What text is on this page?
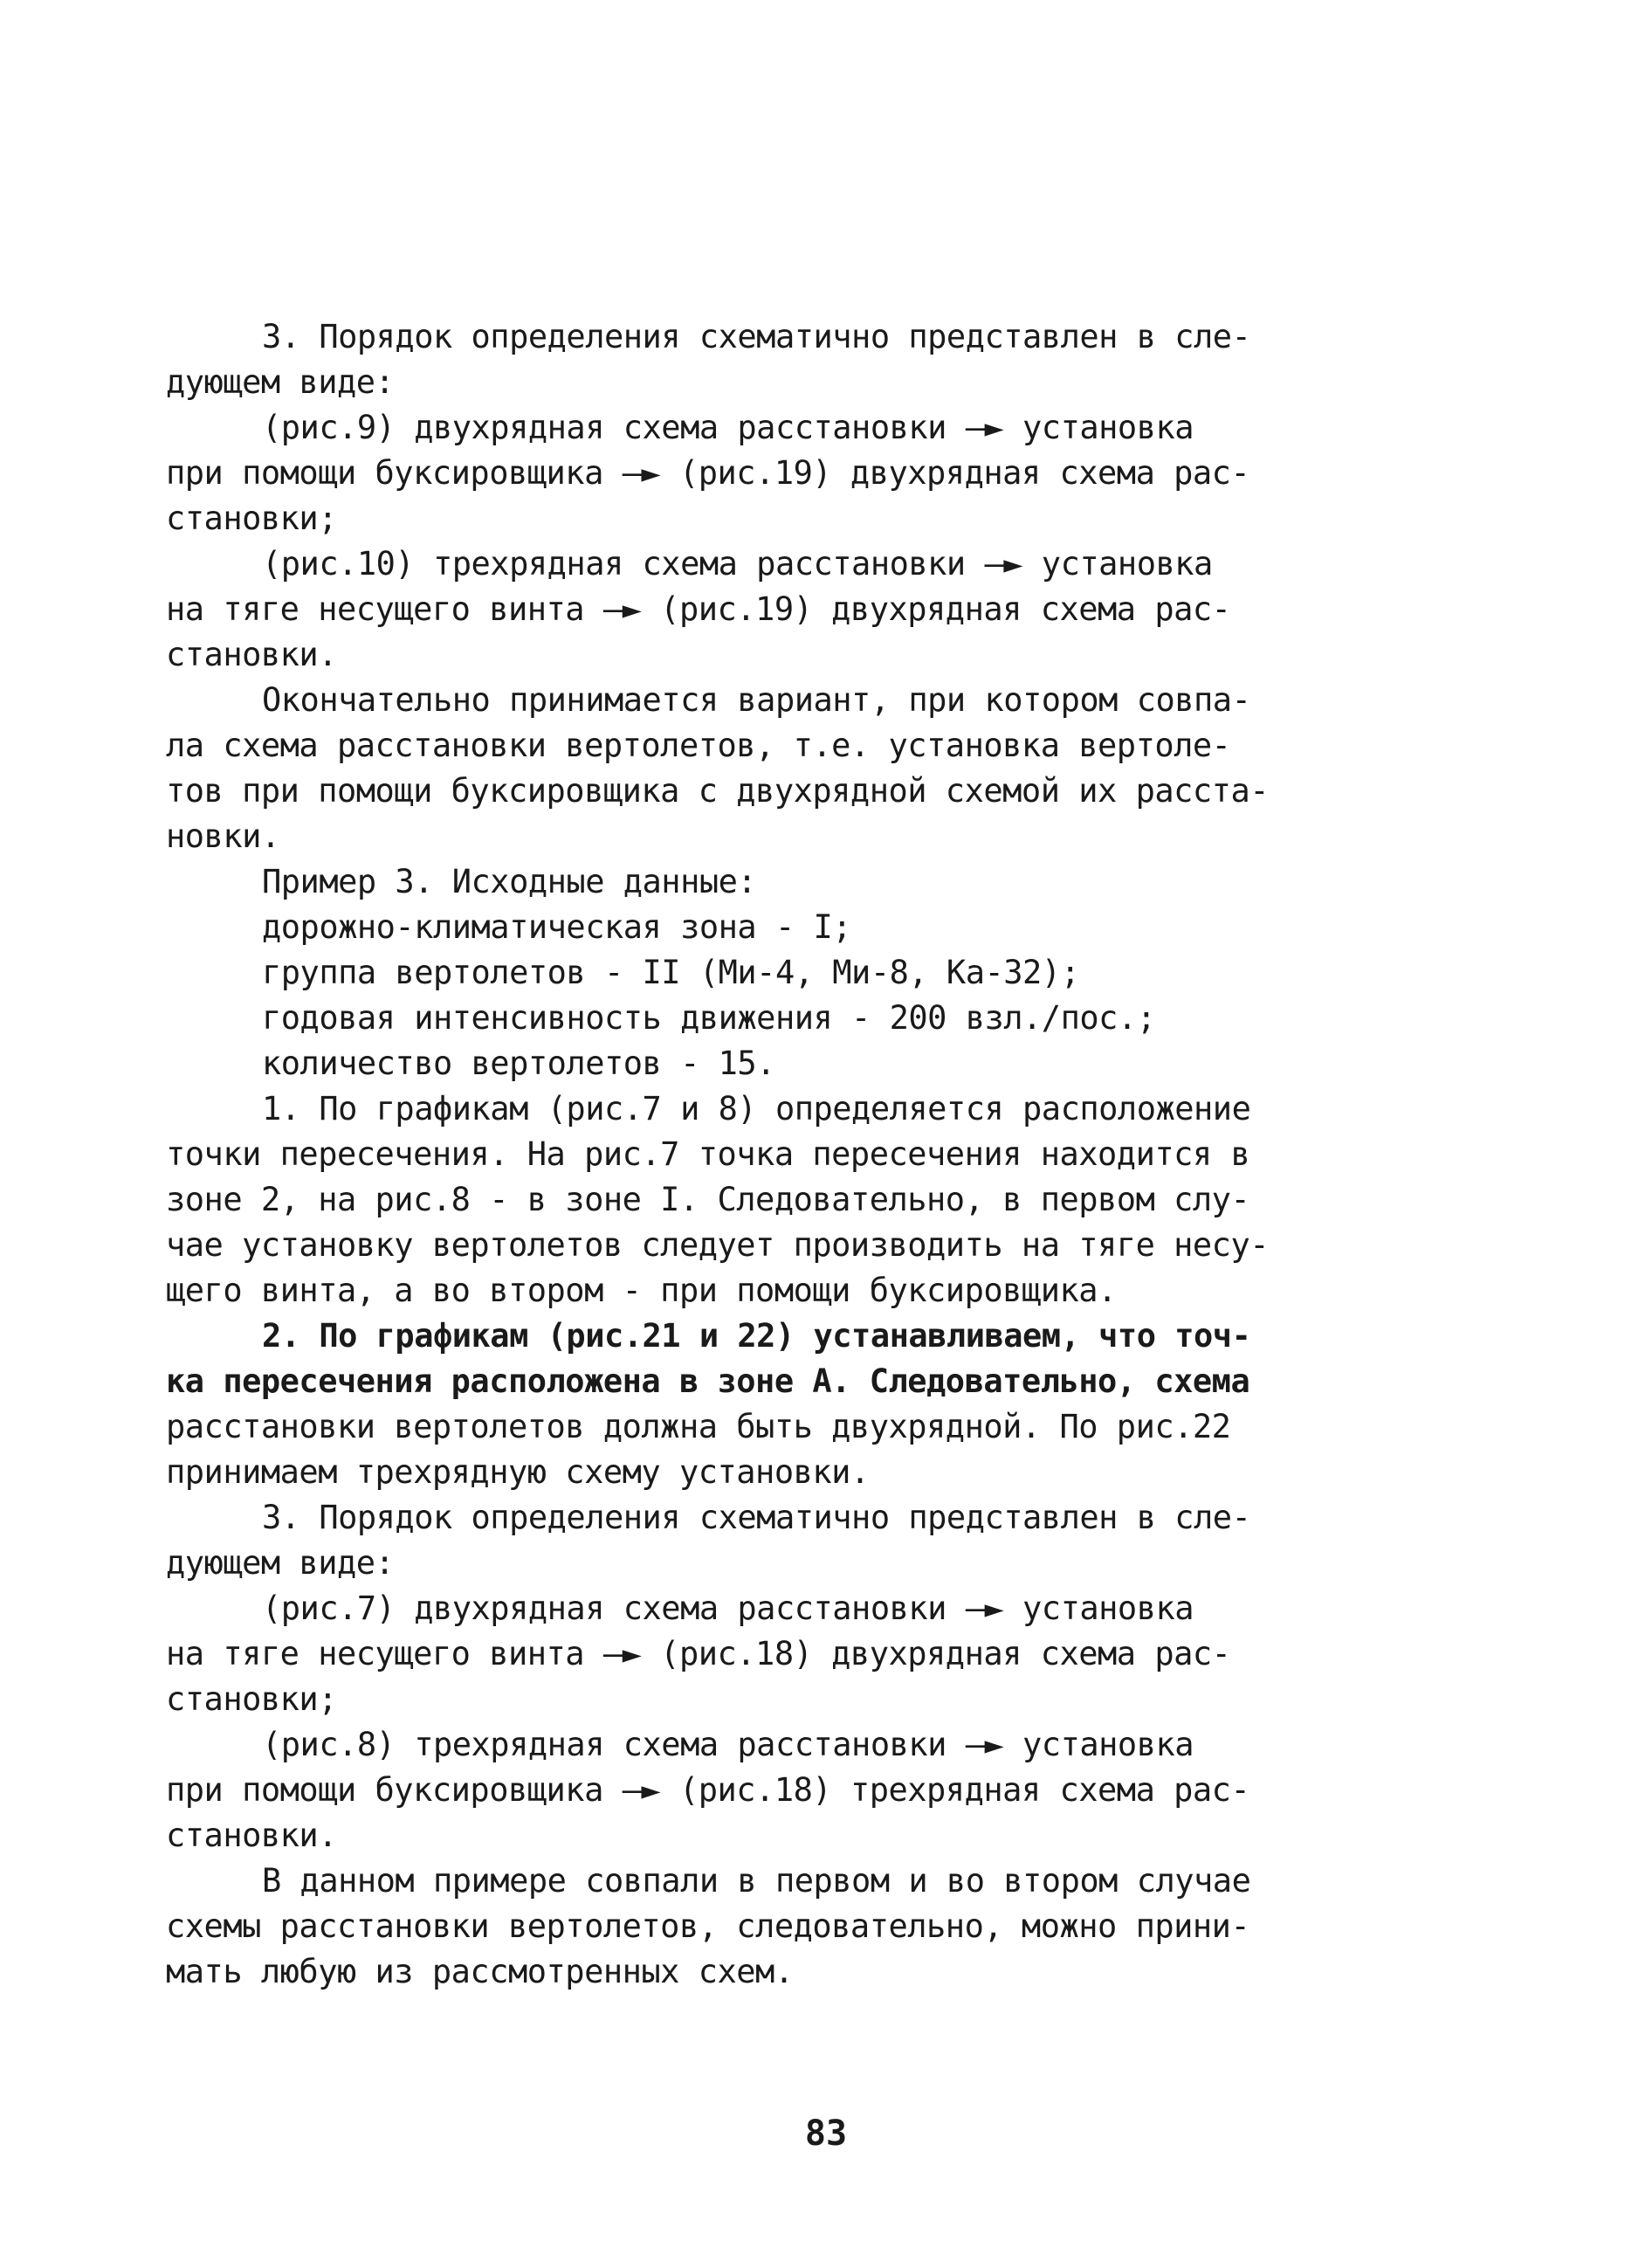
3. Порядок определения схематично представлен в сле-
дующем виде:
(рис.9) двухрядная схема расстановки —► установка
при помощи буксировщика —► (рис.19) двухрядная схема рас-
становки;
(рис.10) трехрядная схема расстановки —► установка
на тяге несущего винта —► (рис.19) двухрядная схема рас-
становки.
Окончательно принимается вариант, при котором совпа-
ла схема расстановки вертолетов, т.е. установка вертоле-
тов при помощи буксировщика с двухрядной схемой их расста-
новки.
Пример 3. Исходные данные:
дорожно-климатическая зона - I;
группа вертолетов - II (Ми-4, Ми-8, Ка-32);
годовая интенсивность движения - 200 взл./пос.;
количество вертолетов - 15.
1. По графикам (рис.7 и 8) определяется расположение
точки пересечения. На рис.7 точка пересечения находится в
зоне 2, на рис.8 - в зоне I. Следовательно, в первом слу-
чае установку вертолетов следует производить на тяге несу-
щего винта, а во втором - при помощи буксировщика.
2. По графикам (рис.21 и 22) устанавливаем, что точ-
ка пересечения расположена в зоне А. Следовательно, схема
расстановки вертолетов должна быть двухрядной. По рис.22
принимаем трехрядную схему установки.
3. Порядок определения схематично представлен в сле-
дующем виде:
(рис.7) двухрядная схема расстановки —► установка
на тяге несущего винта —► (рис.18) двухрядная схема рас-
становки;
(рис.8) трехрядная схема расстановки —► установка
при помощи буксировщика —► (рис.18) трехрядная схема рас-
становки.
В данном примере совпали в первом и во втором случае
схемы расстановки вертолетов, следовательно, можно прини-
мать любую из рассмотренных схем.
83
